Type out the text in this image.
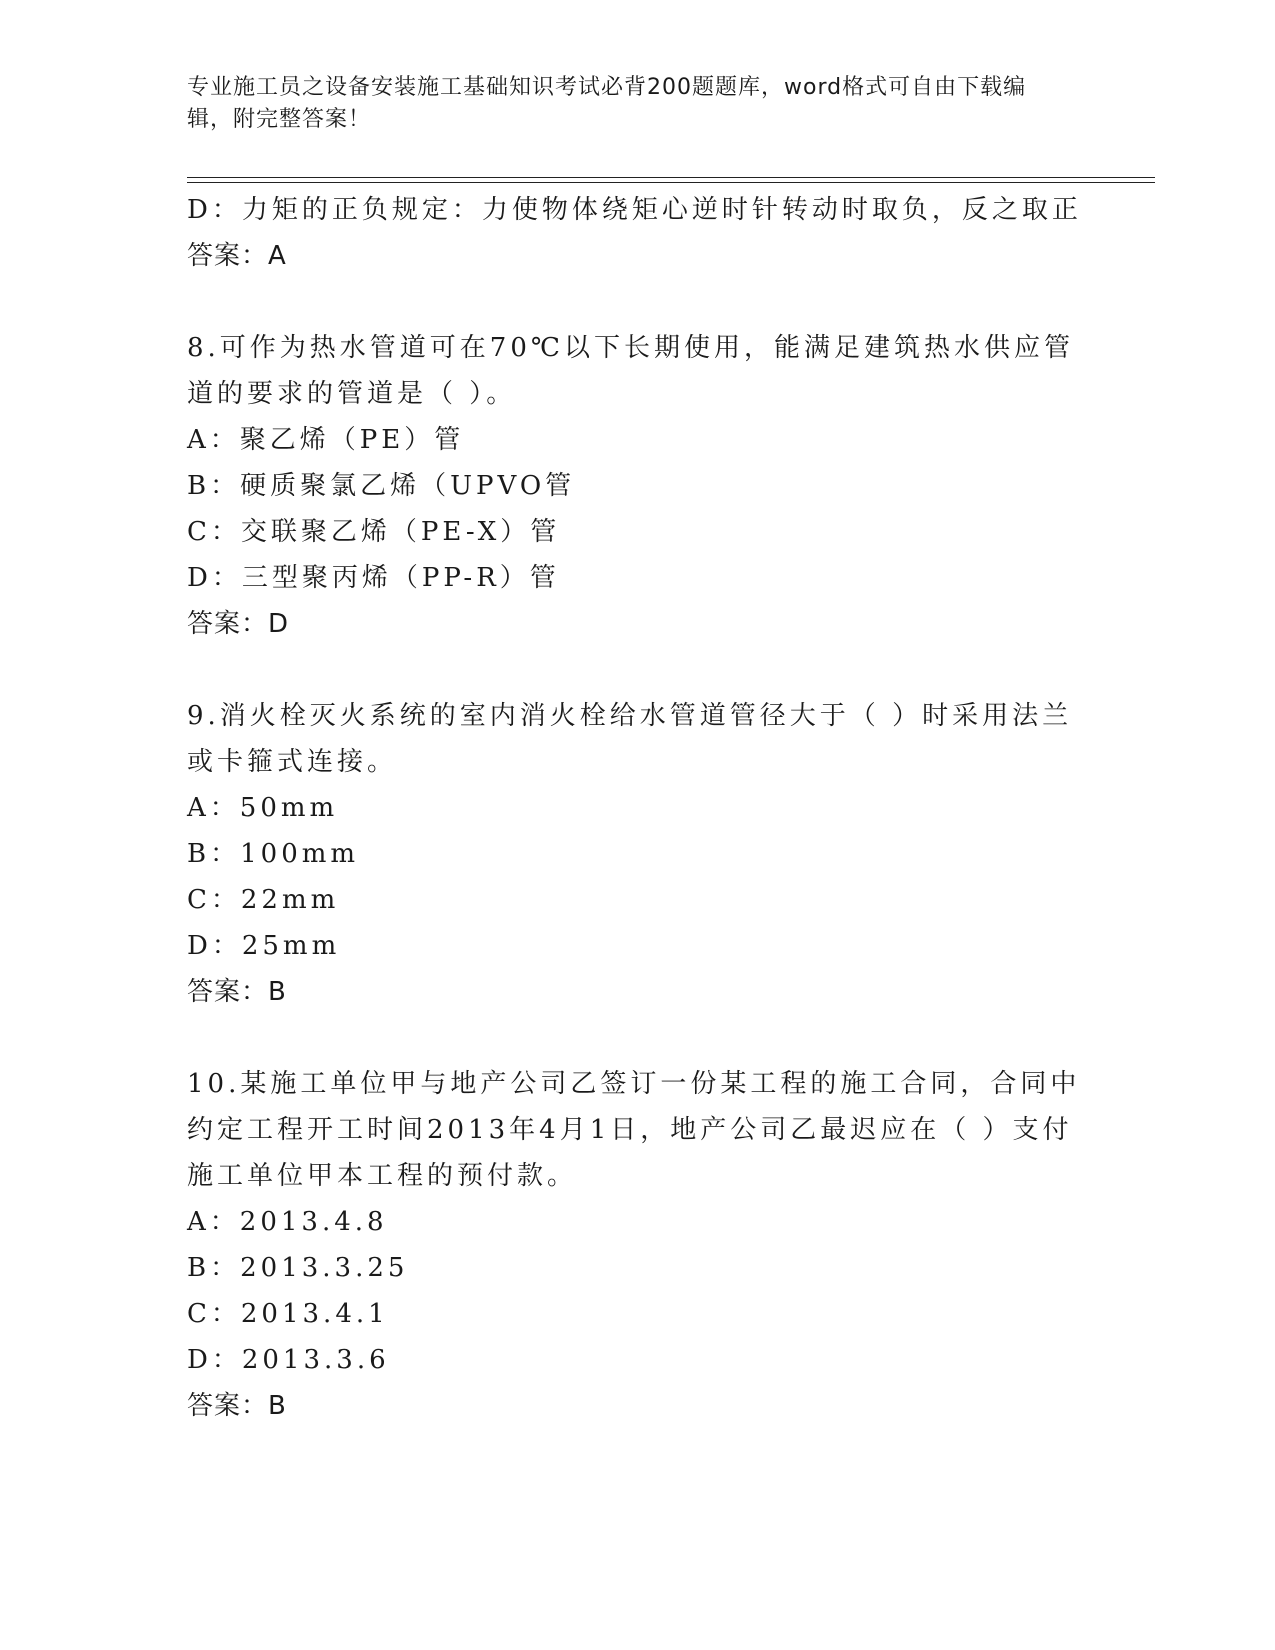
专业施工员之设备安装施工基础知识考试必背200题题库，word格式可自由下载编辑，附完整答案！
D：力矩的正负规定：力使物体绕矩心逆时针转动时取负，反之取正
答案：A
8.可作为热水管道可在70℃以下长期使用，能满足建筑热水供应管道的要求的管道是（ ）。
A：聚乙烯（PE）管
B：硬质聚氯乙烯（UPVO管
C：交联聚乙烯（PE-X）管
D：三型聚丙烯（PP-R）管
答案：D
9.消火栓灭火系统的室内消火栓给水管道管径大于（ ）时采用法兰或卡箍式连接。
A：50mm
B：100mm
C：22mm
D：25mm
答案：B
10.某施工单位甲与地产公司乙签订一份某工程的施工合同，合同中约定工程开工时间2013年4月1日，地产公司乙最迟应在（ ）支付施工单位甲本工程的预付款。
A：2013.4.8
B：2013.3.25
C：2013.4.1
D：2013.3.6
答案：B
